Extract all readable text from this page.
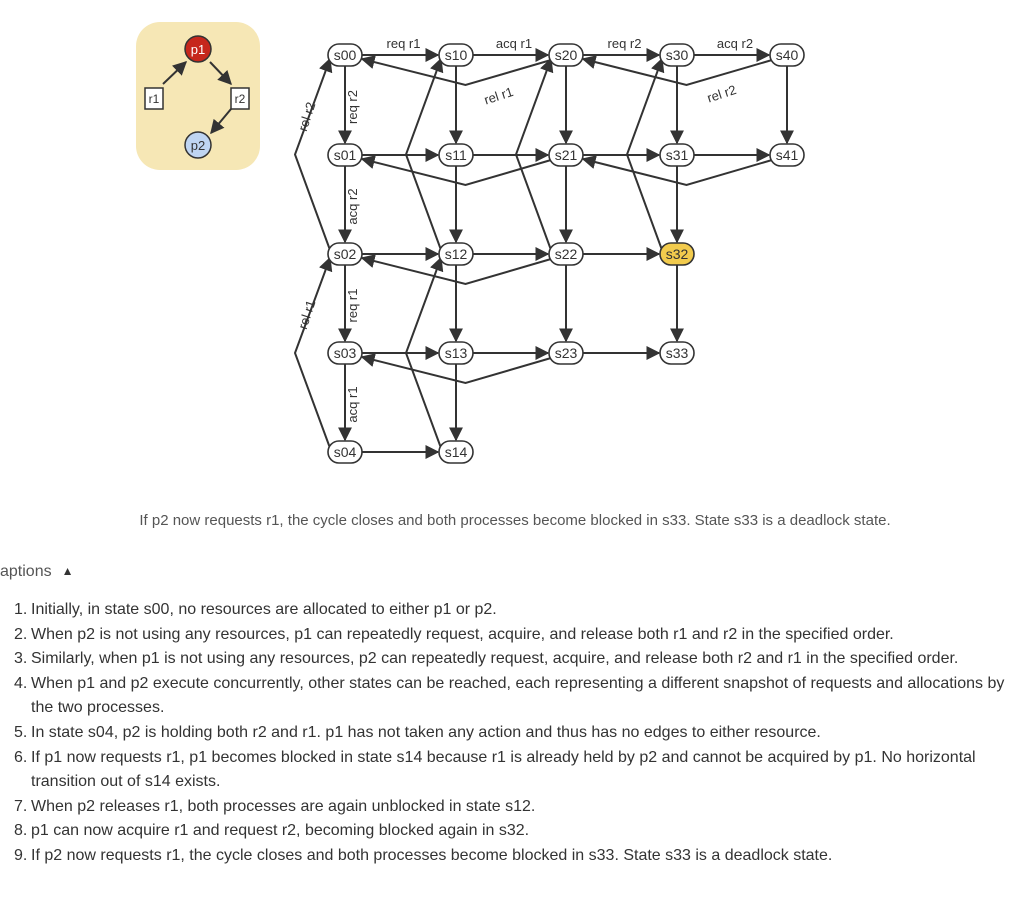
p1
p2
r1	r2
req r1	acq r1	req r2	acq r2
rel r1	rel r2
req r2
acq r2
req r1
acq r1
rel r2
rel r1
s00	s10	s20	s30	s40
s01	s11	s21	s31	s41
s02	s12	s22	s32
s03	s13	s23	s33
s04	s14

If p2 now requests r1, the cycle closes and both processes become blocked in s33. State s33 is a deadlock state.

aptions ▲
1. Initially, in state s00, no resources are allocated to either p1 or p2.
2. When p2 is not using any resources, p1 can repeatedly request, acquire, and release both r1 and r2 in the specified order.
3. Similarly, when p1 is not using any resources, p2 can repeatedly request, acquire, and release both r2 and r1 in the specified order.
4. When p1 and p2 execute concurrently, other states can be reached, each representing a different snapshot of requests and allocations by the two processes.
5. In state s04, p2 is holding both r2 and r1. p1 has not taken any action and thus has no edges to either resource.
6. If p1 now requests r1, p1 becomes blocked in state s14 because r1 is already held by p2 and cannot be acquired by p1. No horizontal transition out of s14 exists.
7. When p2 releases r1, both processes are again unblocked in state s12.
8. p1 can now acquire r1 and request r2, becoming blocked again in s32.
9. If p2 now requests r1, the cycle closes and both processes become blocked in s33. State s33 is a deadlock state.
